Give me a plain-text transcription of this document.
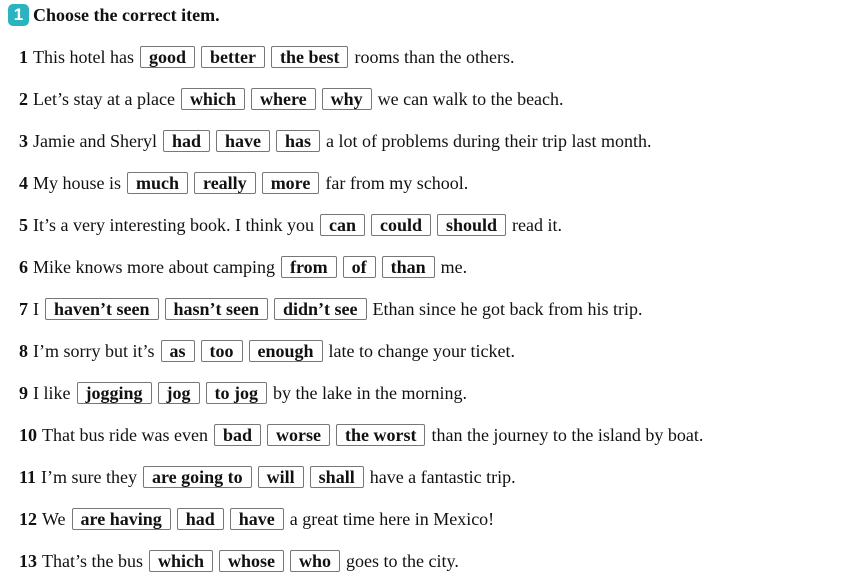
1 Choose the correct item.
1 This hotel has good	better	the best rooms than the others.
2 Let’s stay at a place which	where	why we can walk to the beach.
3 Jamie and Sheryl had	have	has a lot of problems during their trip last month.
4 My house is much	really	more far from my school.
5 It’s a very interesting book. I think you can	could	should read it.
6 Mike knows more about camping from	of	than me.
7 I haven’t seen	hasn’t seen	didn’t see Ethan since he got back from his trip.
8 I’m sorry but it’s as	too	enough late to change your ticket.
9 I like jogging	jog	to jog by the lake in the morning.
10 That bus ride was even bad	worse	the worst than the journey to the island by boat.
11 I’m sure they are going to	will	shall have a fantastic trip.
12 We are having	had	have a great time here in Mexico!
13 That’s the bus which	whose	who goes to the city.
